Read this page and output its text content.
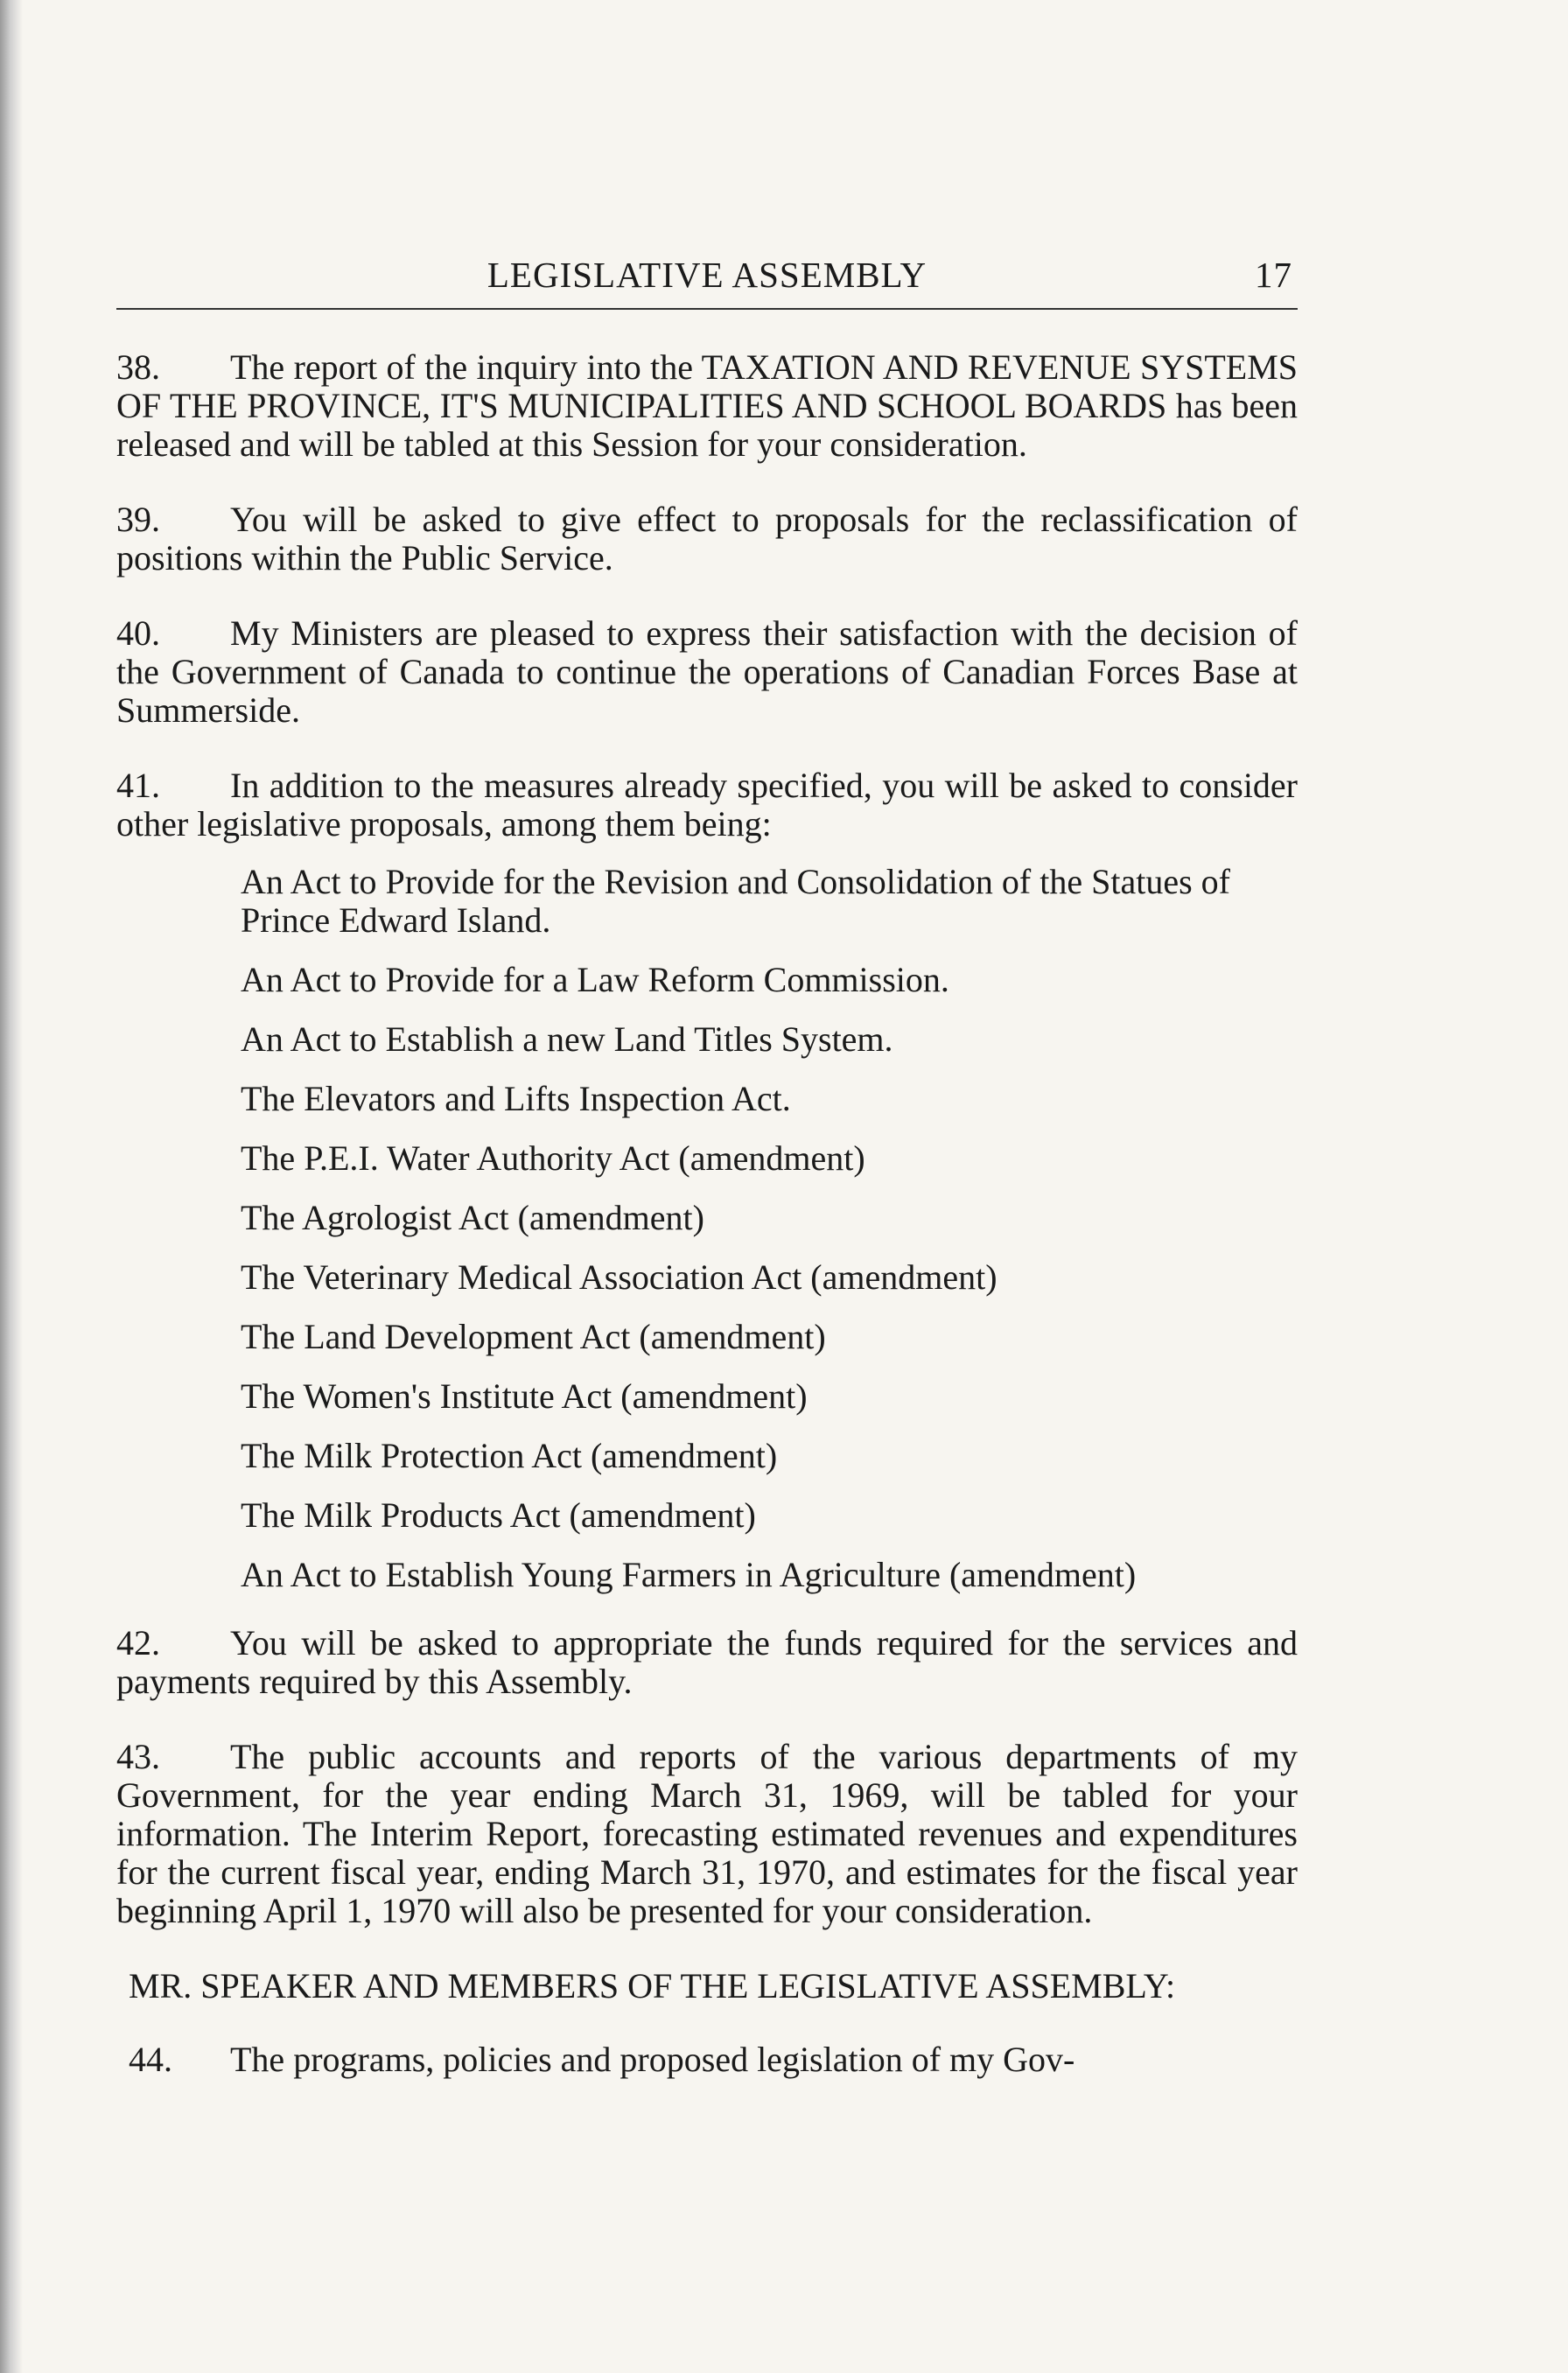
LEGISLATIVE ASSEMBLY	17

38. The report of the inquiry into the TAXATION AND REVENUE SYSTEMS OF THE PROVINCE, IT'S MUNICIPALITIES AND SCHOOL BOARDS has been released and will be tabled at this Session for your consideration.

39. You will be asked to give effect to proposals for the reclassification of positions within the Public Service.

40. My Ministers are pleased to express their satisfaction with the decision of the Government of Canada to continue the operations of Canadian Forces Base at Summerside.

41. In addition to the measures already specified, you will be asked to consider other legislative proposals, among them being:

An Act to Provide for the Revision and Consolidation of the Statues of Prince Edward Island.

An Act to Provide for a Law Reform Commission.

An Act to Establish a new Land Titles System.

The Elevators and Lifts Inspection Act.

The P.E.I. Water Authority Act (amendment)

The Agrologist Act (amendment)

The Veterinary Medical Association Act (amendment)

The Land Development Act (amendment)

The Women's Institute Act (amendment)

The Milk Protection Act (amendment)

The Milk Products Act (amendment)

An Act to Establish Young Farmers in Agriculture (amendment)

42. You will be asked to appropriate the funds required for the services and payments required by this Assembly.

43. The public accounts and reports of the various departments of my Government, for the year ending March 31, 1969, will be tabled for your information. The Interim Report, forecasting estimated revenues and expenditures for the current fiscal year, ending March 31, 1970, and estimates for the fiscal year beginning April 1, 1970 will also be presented for your consideration.

MR. SPEAKER AND MEMBERS OF THE LEGISLATIVE ASSEMBLY:

44. The programs, policies and proposed legislation of my Gov-
